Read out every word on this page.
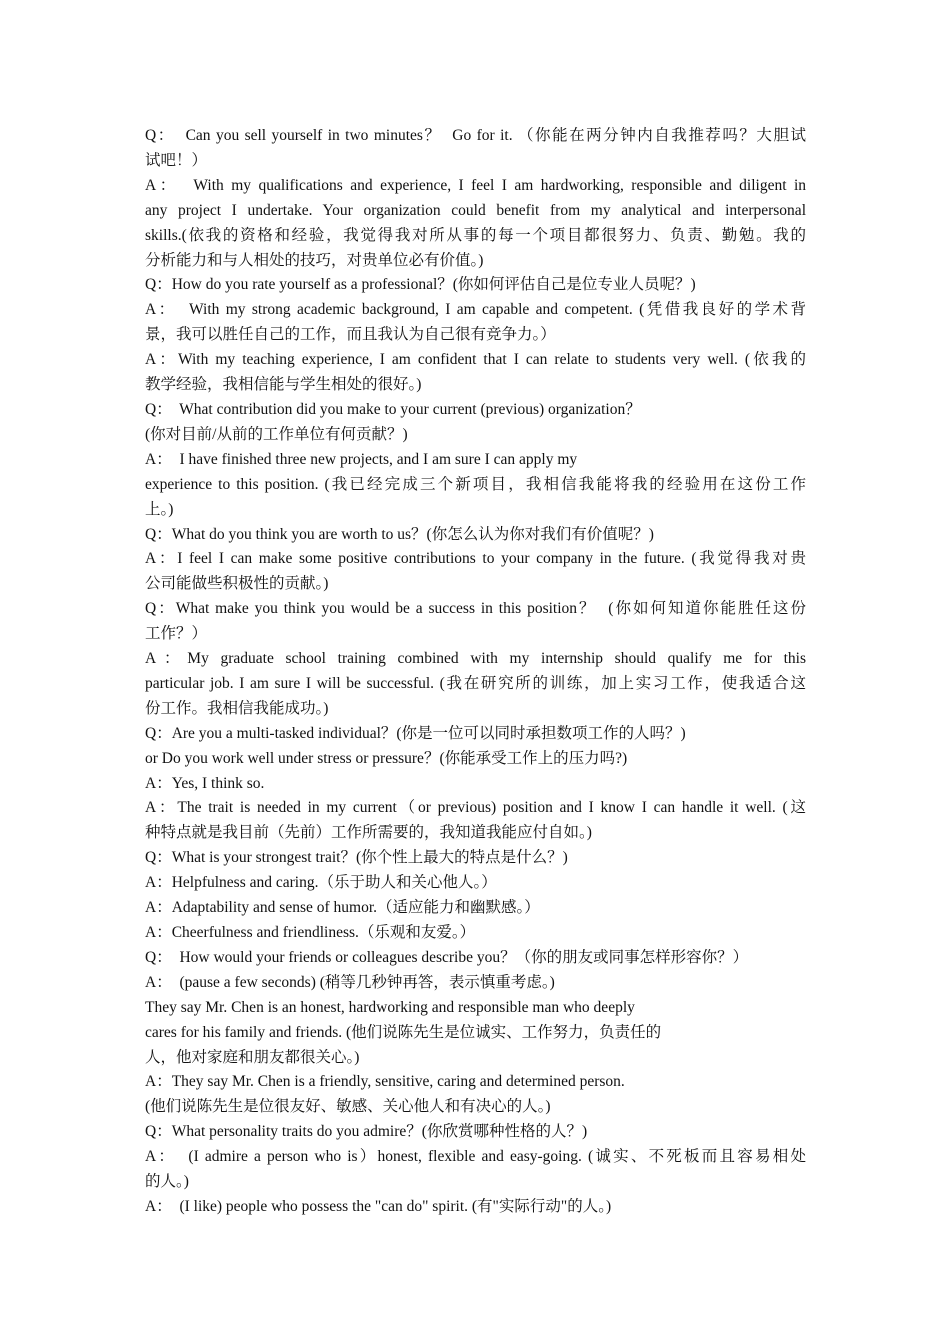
Q：  Can you sell yourself in two minutes？  Go for it. （你能在两分钟内自我推荐吗？大胆试
试吧！）
A：  With my qualifications and experience, I feel I am hardworking, responsible and diligent in
any project I undertake. Your organization could benefit from my analytical and interpersonal
skills.(依我的资格和经验，我觉得我对所从事的每一个项目都很努力、负责、勤勉。我的
分析能力和与人相处的技巧，对贵单位必有价值。)
Q：How do you rate yourself as a professional？(你如何评估自己是位专业人员呢？)
A：  With my strong academic background, I am capable and competent. (凭借我良好的学术背
景，我可以胜任自己的工作，而且我认为自己很有竞争力。）
A：With my teaching experience, I am confident that I can relate to students very well. (依我的
教学经验，我相信能与学生相处的很好。)
Q：  What contribution did you make to your current (previous) organization？
(你对目前/从前的工作单位有何贡献？)
A：  I have finished three new projects, and I am sure I can apply my
experience to this position. (我已经完成三个新项目，我相信我能将我的经验用在这份工作
上。)
Q：What do you think you are worth to us？(你怎么认为你对我们有价值呢？)
A：I feel I can make some positive contributions to your company in the future. (我觉得我对贵
公司能做些积极性的贡献。)
Q：What make you think you would be a success in this position？  (你如何知道你能胜任这份
工作？）
A：My graduate school training combined with my internship should qualify me for this
particular job. I am sure I will be successful. (我在研究所的训练，加上实习工作，使我适合这
份工作。我相信我能成功。)
Q：Are you a multi-tasked individual？(你是一位可以同时承担数项工作的人吗？)
or Do you work well under stress or pressure？(你能承受工作上的压力吗?)
A：Yes, I think so.
A：The trait is needed in my current（or previous) position and I know I can handle it well. (这
种特点就是我目前（先前）工作所需要的，我知道我能应付自如。)
Q：What is your strongest trait？(你个性上最大的特点是什么？)
A：Helpfulness and caring.（乐于助人和关心他人。）
A：Adaptability and sense of humor.（适应能力和幽默感。）
A：Cheerfulness and friendliness.（乐观和友爱。）
Q：  How would your friends or colleagues describe you？（你的朋友或同事怎样形容你？）
A：  (pause a few seconds) (稍等几秒钟再答，表示慎重考虑。)
They say Mr. Chen is an honest, hardworking and responsible man who deeply
cares for his family and friends. (他们说陈先生是位诚实、工作努力，负责任的
人，他对家庭和朋友都很关心。)
A：They say Mr. Chen is a friendly, sensitive, caring and determined person.
(他们说陈先生是位很友好、敏感、关心他人和有决心的人。)
Q：What personality traits do you admire？(你欣赏哪种性格的人？)
A：  (I admire a person who is）honest, flexible and easy-going. (诚实、不死板而且容易相处
的人。)
A：  (I like) people who possess the "can do" spirit. (有"实际行动"的人。)
